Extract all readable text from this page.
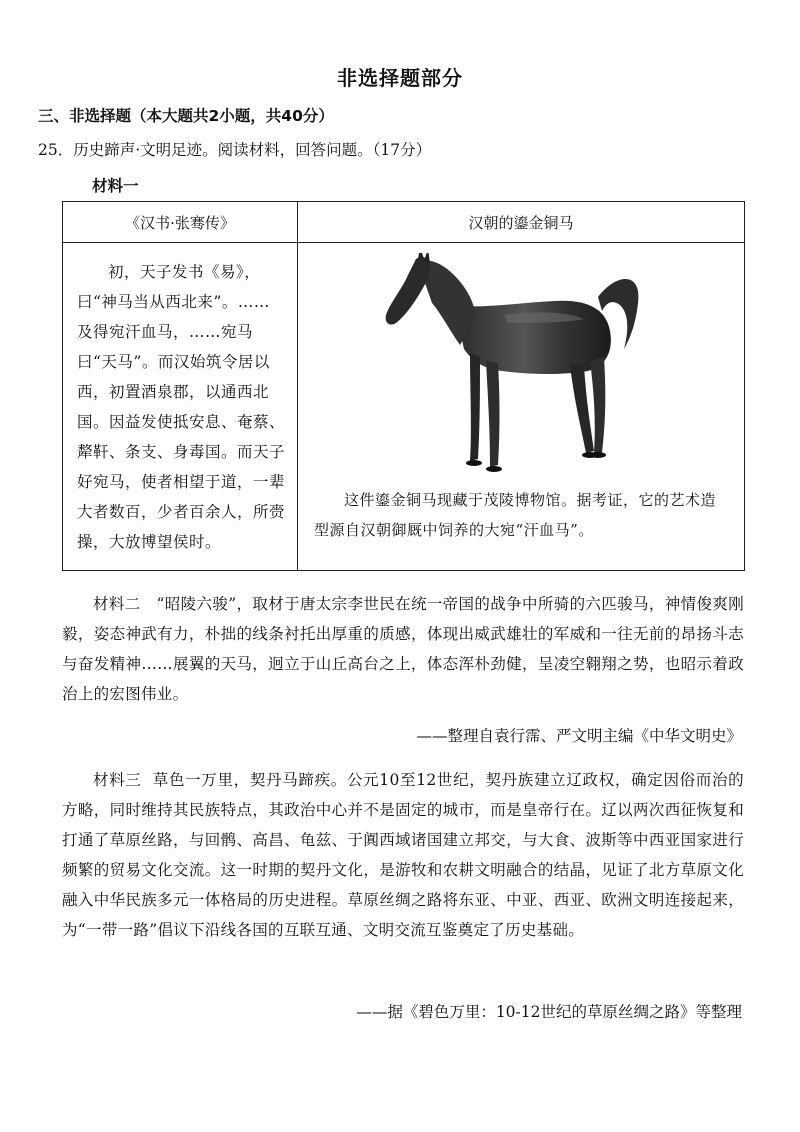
非选择题部分
三、非选择题（本大题共2小题，共40分）
25．历史蹄声·文明足迹。阅读材料，回答问题。（17分）
材料一
《汉书·张骞传》	汉朝的鎏金铜马

初，天子发书《易》，曰“神马当从西北来”。……及得宛汗血马，……宛马曰“天马”。而汉始筑令居以西，初置酒泉郡，以通西北国。因益发使抵安息、奄蔡、犛靬、条支、身毒国。而天子好宛马，使者相望于道，一辈大者数百，少者百余人，所赍操，大放博望侯时。	这件鎏金铜马现藏于茂陵博物馆。据考证，它的艺术造型源自汉朝御厩中饲养的大宛“汗血马”。

材料二 “昭陵六骏”，取材于唐太宗李世民在统一帝国的战争中所骑的六匹骏马，神情俊爽刚毅，姿态神武有力，朴拙的线条衬托出厚重的质感，体现出威武雄壮的军威和一往无前的昂扬斗志与奋发精神……展翼的天马，迥立于山丘高台之上，体态浑朴劲健，呈凌空翱翔之势，也昭示着政治上的宏图伟业。

——整理自袁行霈、严文明主编《中华文明史》

材料三 草色一万里，契丹马蹄疾。公元10至12世纪，契丹族建立辽政权，确定因俗而治的方略，同时维持其民族特点，其政治中心并不是固定的城市，而是皇帝行在。辽以两次西征恢复和打通了草原丝路，与回鹘、高昌、龟兹、于阗西域诸国建立邦交，与大食、波斯等中西亚国家进行频繁的贸易文化交流。这一时期的契丹文化，是游牧和农耕文明融合的结晶，见证了北方草原文化融入中华民族多元一体格局的历史进程。草原丝绸之路将东亚、中亚、西亚、欧洲文明连接起来，为“一带一路”倡议下沿线各国的互联互通、文明交流互鉴奠定了历史基础。

——据《碧色万里：10-12世纪的草原丝绸之路》等整理
